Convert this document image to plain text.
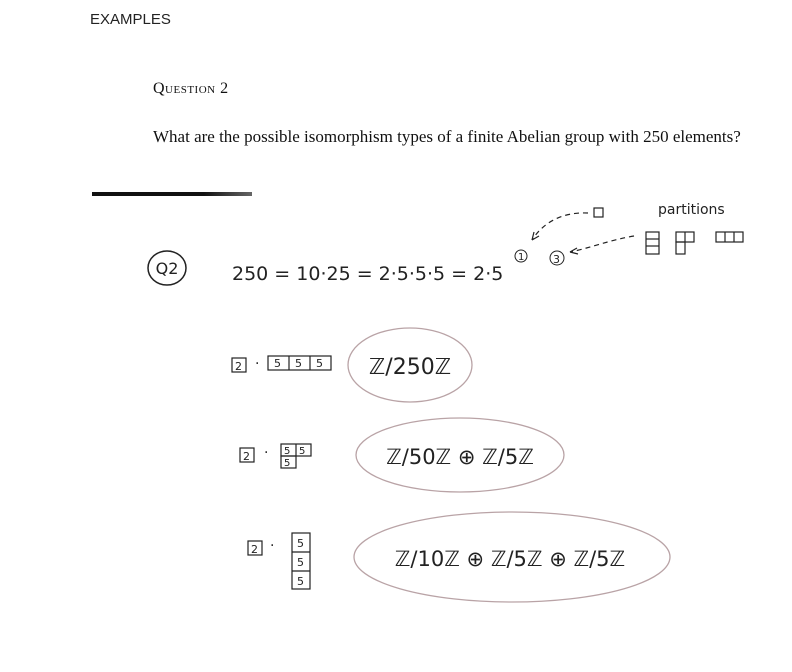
EXAMPLES
Question 2
What are the possible isomorphism types of a finite Abelian group with 250 elements?
Q2	250 = 10·25 = 2·5·5·5 = 2·5
1	3
partitions
2 · 5 5 5 ℤ/250ℤ
2 · 5 5
5	ℤ/50ℤ ⊕ ℤ/5ℤ
2 · 5
5
5
ℤ/10ℤ ⊕ ℤ/5ℤ ⊕ ℤ/5ℤ
